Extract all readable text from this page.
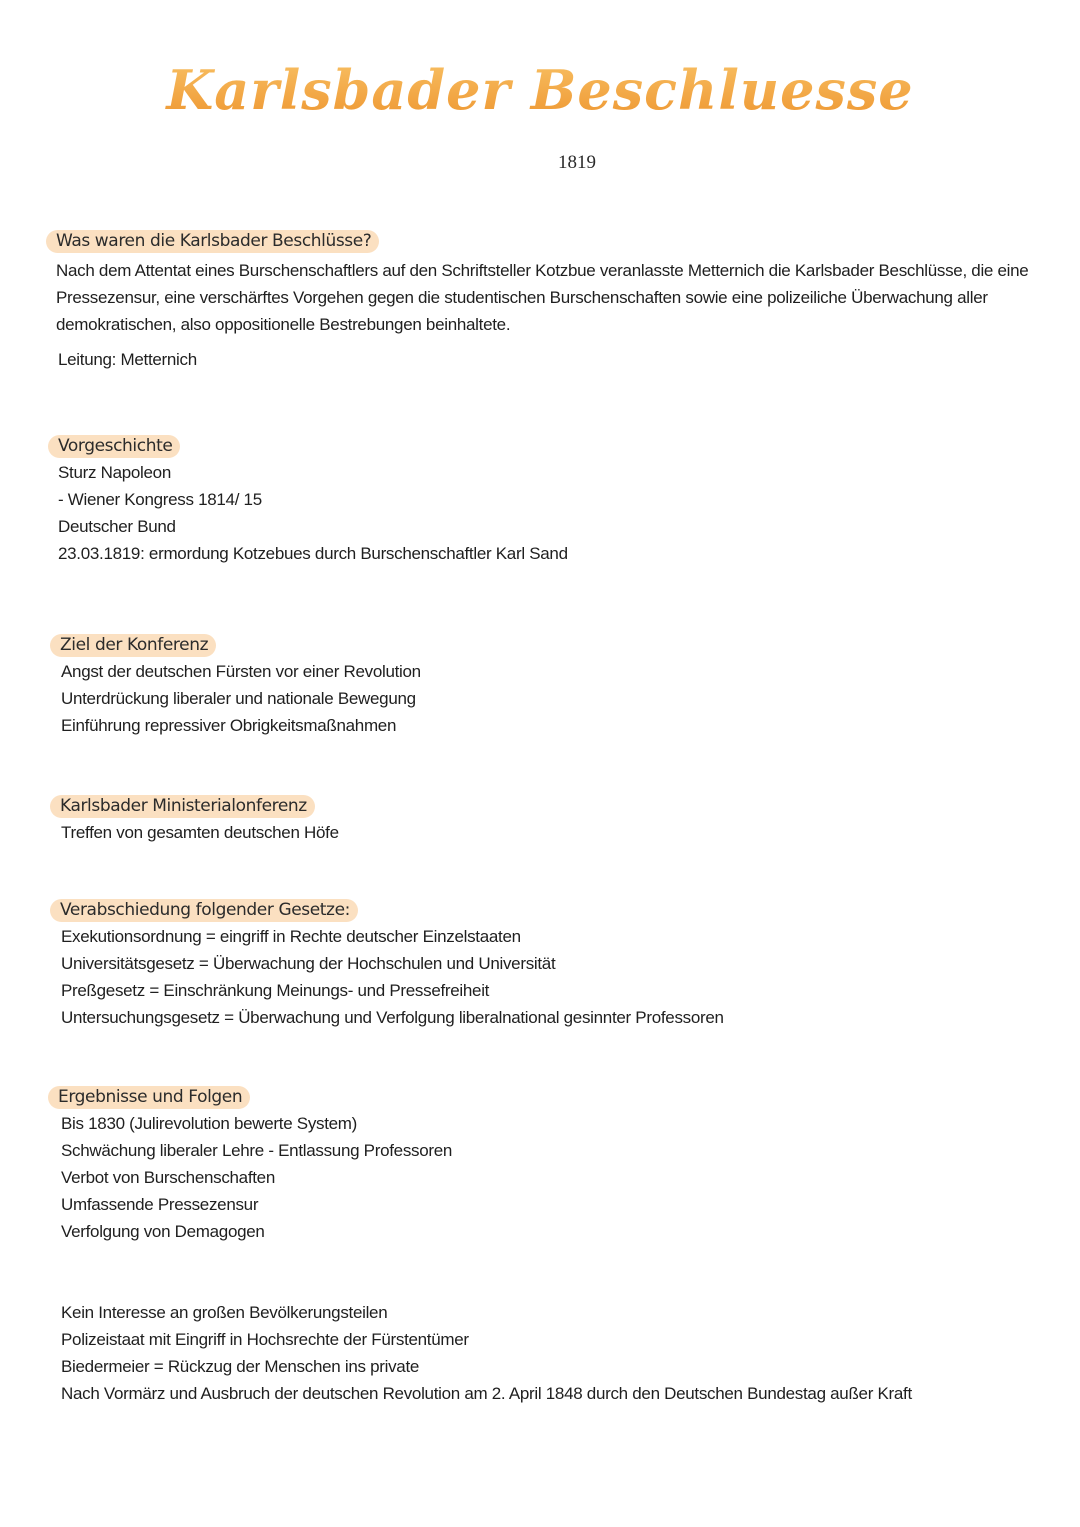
Karlsbader Beschluesse
1819
Was waren die Karlsbader Beschlüsse?
Nach dem Attentat eines Burschenschaftlers auf den Schriftsteller Kotzbue veranlasste Metternich die Karlsbader Beschlüsse, die eine
Pressezensur, eine verschärftes Vorgehen gegen die studentischen Burschenschaften sowie eine polizeiliche Überwachung aller
demokratischen, also oppositionelle Bestrebungen beinhaltete.
Leitung: Metternich
Vorgeschichte
Sturz Napoleon
- Wiener Kongress 1814/ 15
Deutscher Bund
23.03.1819: ermordung Kotzebues durch Burschenschaftler Karl Sand
Ziel der Konferenz
Angst der deutschen Fürsten vor einer Revolution
Unterdrückung liberaler und nationale Bewegung
Einführung repressiver Obrigkeitsmaßnahmen
Karlsbader Ministerialonferenz
Treffen von gesamten deutschen Höfe
Verabschiedung folgender Gesetze:
Exekutionsordnung = eingriff in Rechte deutscher Einzelstaaten
Universitätsgesetz = Überwachung der Hochschulen und Universität
Preßgesetz = Einschränkung Meinungs- und Pressefreiheit
Untersuchungsgesetz = Überwachung und Verfolgung liberalnational gesinnter Professoren
Ergebnisse und Folgen
Bis 1830 (Julirevolution bewerte System)
Schwächung liberaler Lehre - Entlassung Professoren
Verbot von Burschenschaften
Umfassende Pressezensur
Verfolgung von Demagogen
Kein Interesse an großen Bevölkerungsteilen
Polizeistaat mit Eingriff in Hochsrechte der Fürstentümer
Biedermeier = Rückzug der Menschen ins private
Nach Vormärz und Ausbruch der deutschen Revolution am 2. April 1848 durch den Deutschen Bundestag außer Kraft
